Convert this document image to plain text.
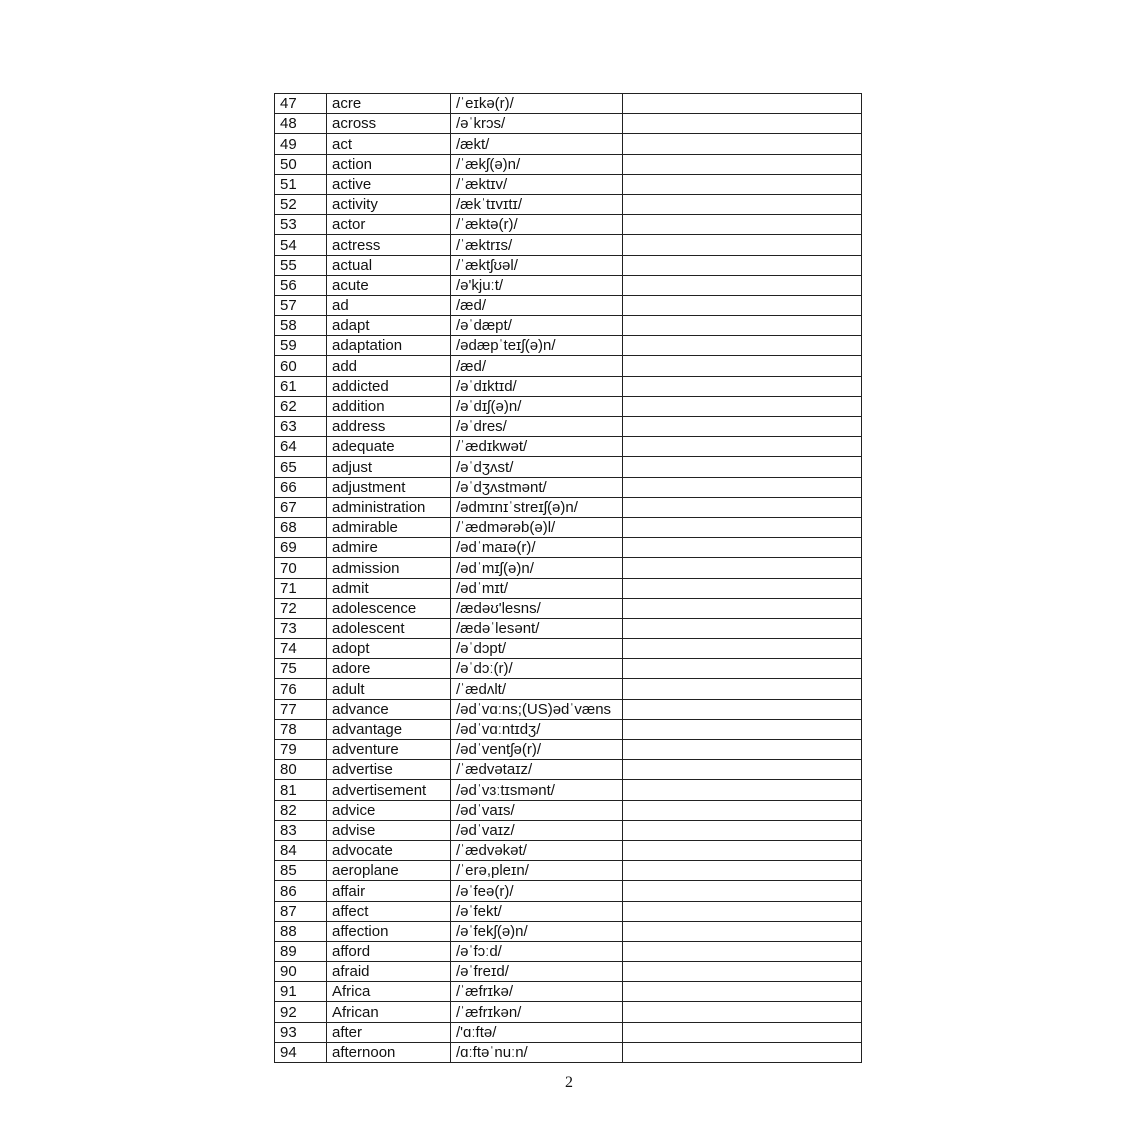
47	acre	/ˈeɪkə(r)/	
48	across	/əˈkrɔs/	
49	act	/ækt/	
50	action	/ˈækʃ(ə)n/	
51	active	/ˈæktɪv/	
52	activity	/ækˈtɪvɪtɪ/	
53	actor	/ˈæktə(r)/	
54	actress	/ˈæktrɪs/	
55	actual	/ˈæktʃʊəl/	
56	acute	/ə'kjuːt/	
57	ad	/æd/	
58	adapt	/əˈdæpt/	
59	adaptation	/ədæpˈteɪʃ(ə)n/	
60	add	/æd/	
61	addicted	/əˈdɪktɪd/	
62	addition	/əˈdɪʃ(ə)n/	
63	address	/əˈdres/	
64	adequate	/ˈædɪkwət/	
65	adjust	/əˈdʒʌst/	
66	adjustment	/əˈdʒʌstmənt/	
67	administration	/ədmɪnɪˈstreɪʃ(ə)n/	
68	admirable	/ˈædmərəb(ə)l/	
69	admire	/ədˈmaɪə(r)/	
70	admission	/ədˈmɪʃ(ə)n/	
71	admit	/ədˈmɪt/	
72	adolescence	/ædəʊ'lesns/	
73	adolescent	/ædəˈlesənt/	
74	adopt	/əˈdɔpt/	
75	adore	/əˈdɔː(r)/	
76	adult	/ˈædʌlt/	
77	advance	/ədˈvɑːns;(US)ədˈvæns	
78	advantage	/ədˈvɑːntɪdʒ/	
79	adventure	/ədˈventʃə(r)/	
80	advertise	/ˈædvətaɪz/	
81	advertisement	/ədˈvɜːtɪsmənt/	
82	advice	/ədˈvaɪs/	
83	advise	/ədˈvaɪz/	
84	advocate	/ˈædvəkət/	
85	aeroplane	/ˈerə,pleɪn/	
86	affair	/əˈfeə(r)/	
87	affect	/əˈfekt/	
88	affection	/əˈfekʃ(ə)n/	
89	afford	/əˈfɔːd/	
90	afraid	/əˈfreɪd/	
91	Africa	/ˈæfrɪkə/	
92	African	/ˈæfrɪkən/	
93	after	/'ɑːftə/	
94	afternoon	/ɑːftəˈnuːn/	
2
